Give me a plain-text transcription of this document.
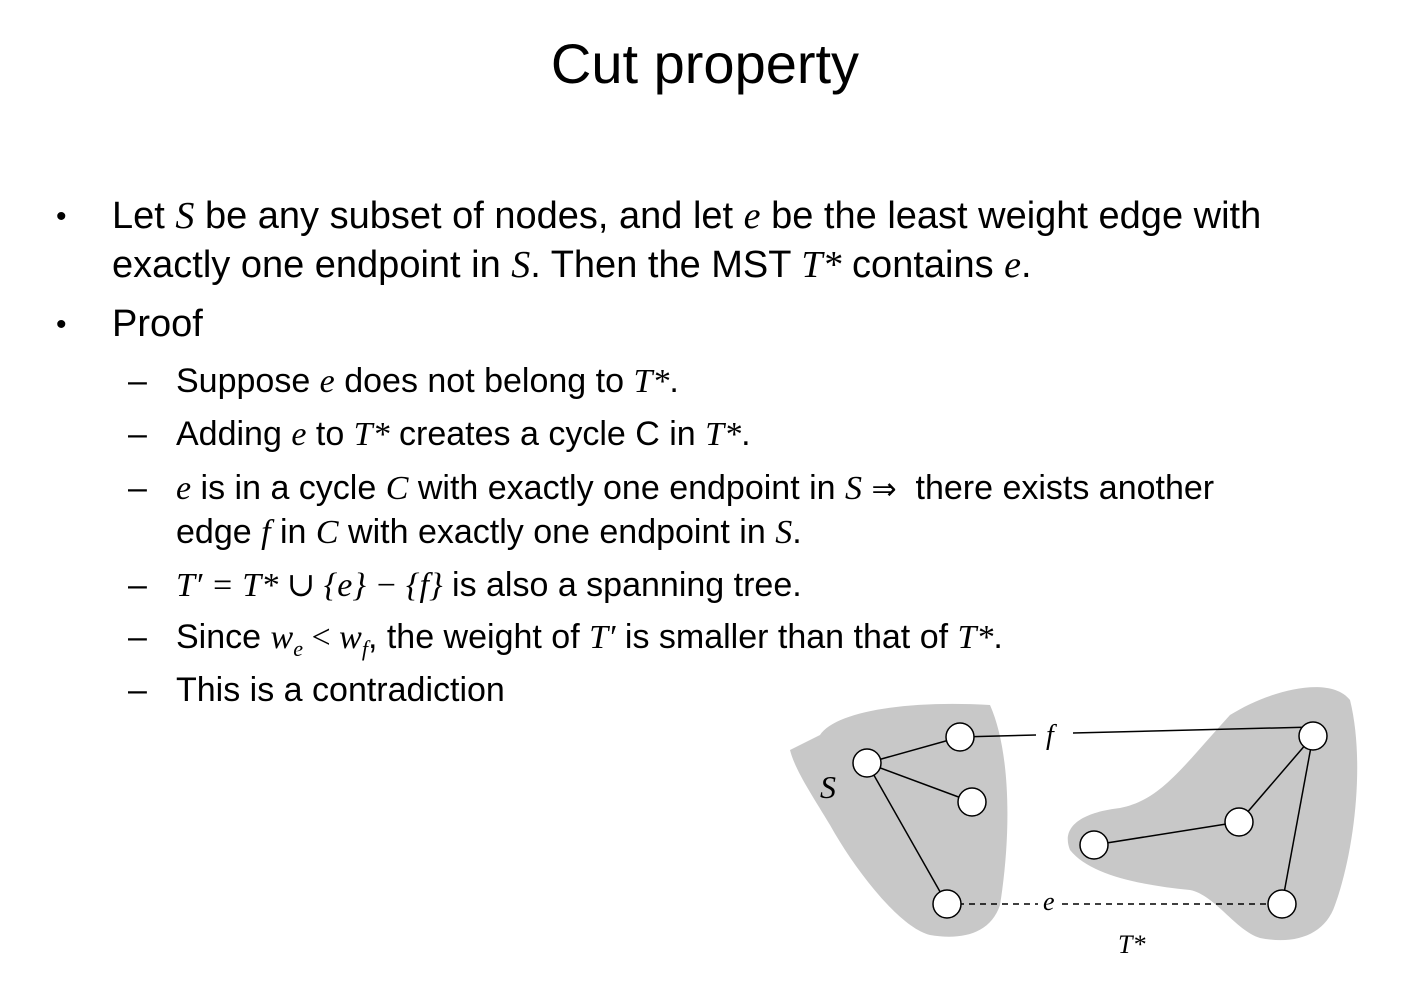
Cut property
• Let S be any subset of nodes, and let e be the least weight edge with
exactly one endpoint in S. Then the MST T* contains e.
• Proof
– Suppose e does not belong to T*.
– Adding e to T* creates a cycle C in T*.
– e is in a cycle C with exactly one endpoint in S ⇒  there exists another
edge f in C with exactly one endpoint in S.
– T′ = T* ∪ {e} − {f} is also a spanning tree.
– Since $w_e < w_f$, the weight of T′ is smaller than that of T*.
– This is a contradiction
S
f
e
T*
